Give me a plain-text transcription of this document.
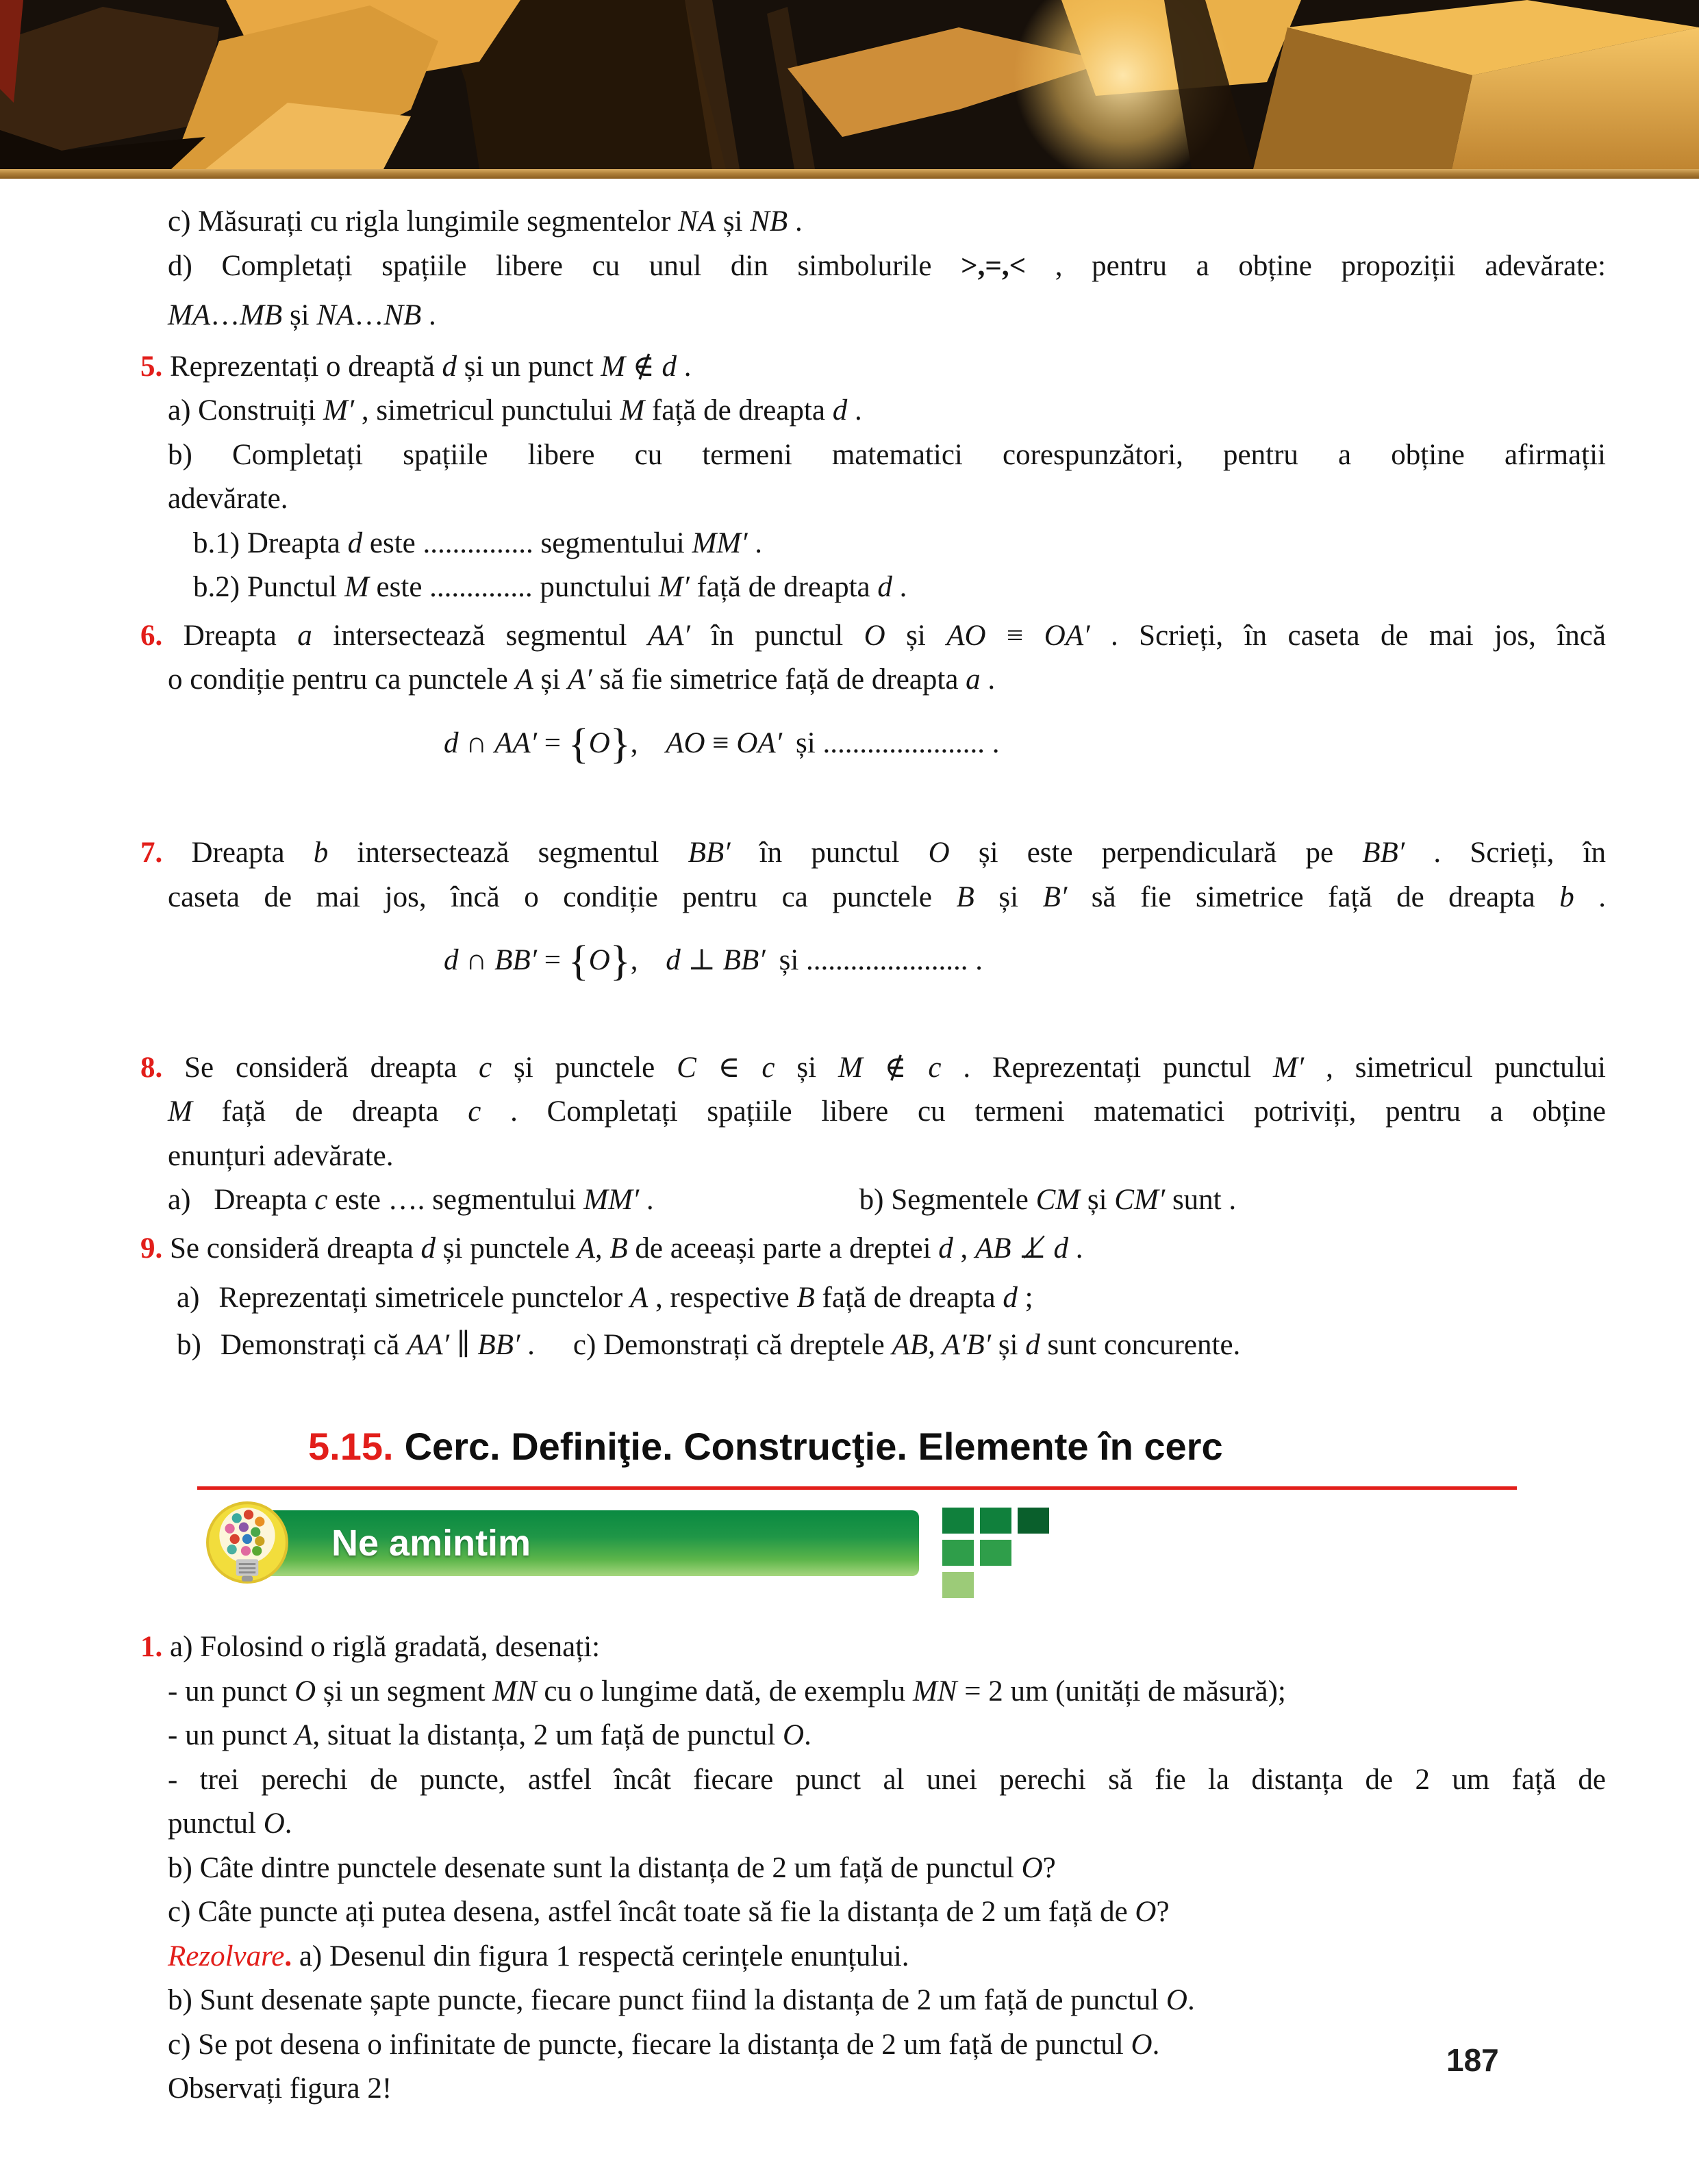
c) Măsurați cu rigla lungimile segmentelor NA și NB .
d) Completați spațiile libere cu unul din simbolurile >,=,< , pentru a obține propoziții adevărate:
MA…MB și NA…NB .
5. Reprezentați o dreaptă d și un punct M ∉ d .
a) Construiți M′ , simetricul punctului M față de dreapta d .
b) Completați spațiile libere cu termeni matematici corespunzători, pentru a obține afirmații
adevărate.
b.1) Dreapta d este ............... segmentului MM′ .
b.2) Punctul M este .............. punctului M′ față de dreapta d .
6. Dreapta a intersectează segmentul AA′ în punctul O și AO ≡ OA′ . Scrieți, în caseta de mai jos, încă
o condiție pentru ca punctele A și A′ să fie simetrice față de dreapta a .
d ∩ AA′ = {O}, AO ≡ OA′ și ...................... .
7. Dreapta b intersectează segmentul BB′ în punctul O și este perpendiculară pe BB′ . Scrieți, în
caseta de mai jos, încă o condiție pentru ca punctele B și B′ să fie simetrice față de dreapta b .
d ∩ BB′ = {O}, d ⊥ BB′ și ...................... .
8. Se consideră dreapta c și punctele C ∈ c și M ∉ c . Reprezentați punctul M′ , simetricul punctului
M față de dreapta c . Completați spațiile libere cu termeni matematici potriviți, pentru a obține
enunțuri adevărate.
a) Dreapta c este …. segmentului MM′ .	b) Segmentele CM și CM′ sunt .
9. Se consideră dreapta d și punctele A, B de aceeași parte a dreptei d , AB ⊥̸ d .
a) Reprezentați simetricele punctelor A , respective B față de dreapta d ;
b) Demonstrați că AA′ ∥ BB′ . c) Demonstrați că dreptele AB, A′B′ și d sunt concurente.
5.15. Cerc. Definiţie. Construcţie. Elemente în cerc
Ne amintim
1. a) Folosind o riglă gradată, desenați:
- un punct O și un segment MN cu o lungime dată, de exemplu MN = 2 um (unități de măsură);
- un punct A, situat la distanța, 2 um față de punctul O.
- trei perechi de puncte, astfel încât fiecare punct al unei perechi să fie la distanța de 2 um față de
punctul O.
b) Câte dintre punctele desenate sunt la distanța de 2 um față de punctul O?
c) Câte puncte ați putea desena, astfel încât toate să fie la distanța de 2 um față de O?
Rezolvare. a) Desenul din figura 1 respectă cerințele enunțului.
b) Sunt desenate șapte puncte, fiecare punct fiind la distanța de 2 um față de punctul O.
c) Se pot desena o infinitate de puncte, fiecare la distanța de 2 um față de punctul O.
Observați figura 2!
187
